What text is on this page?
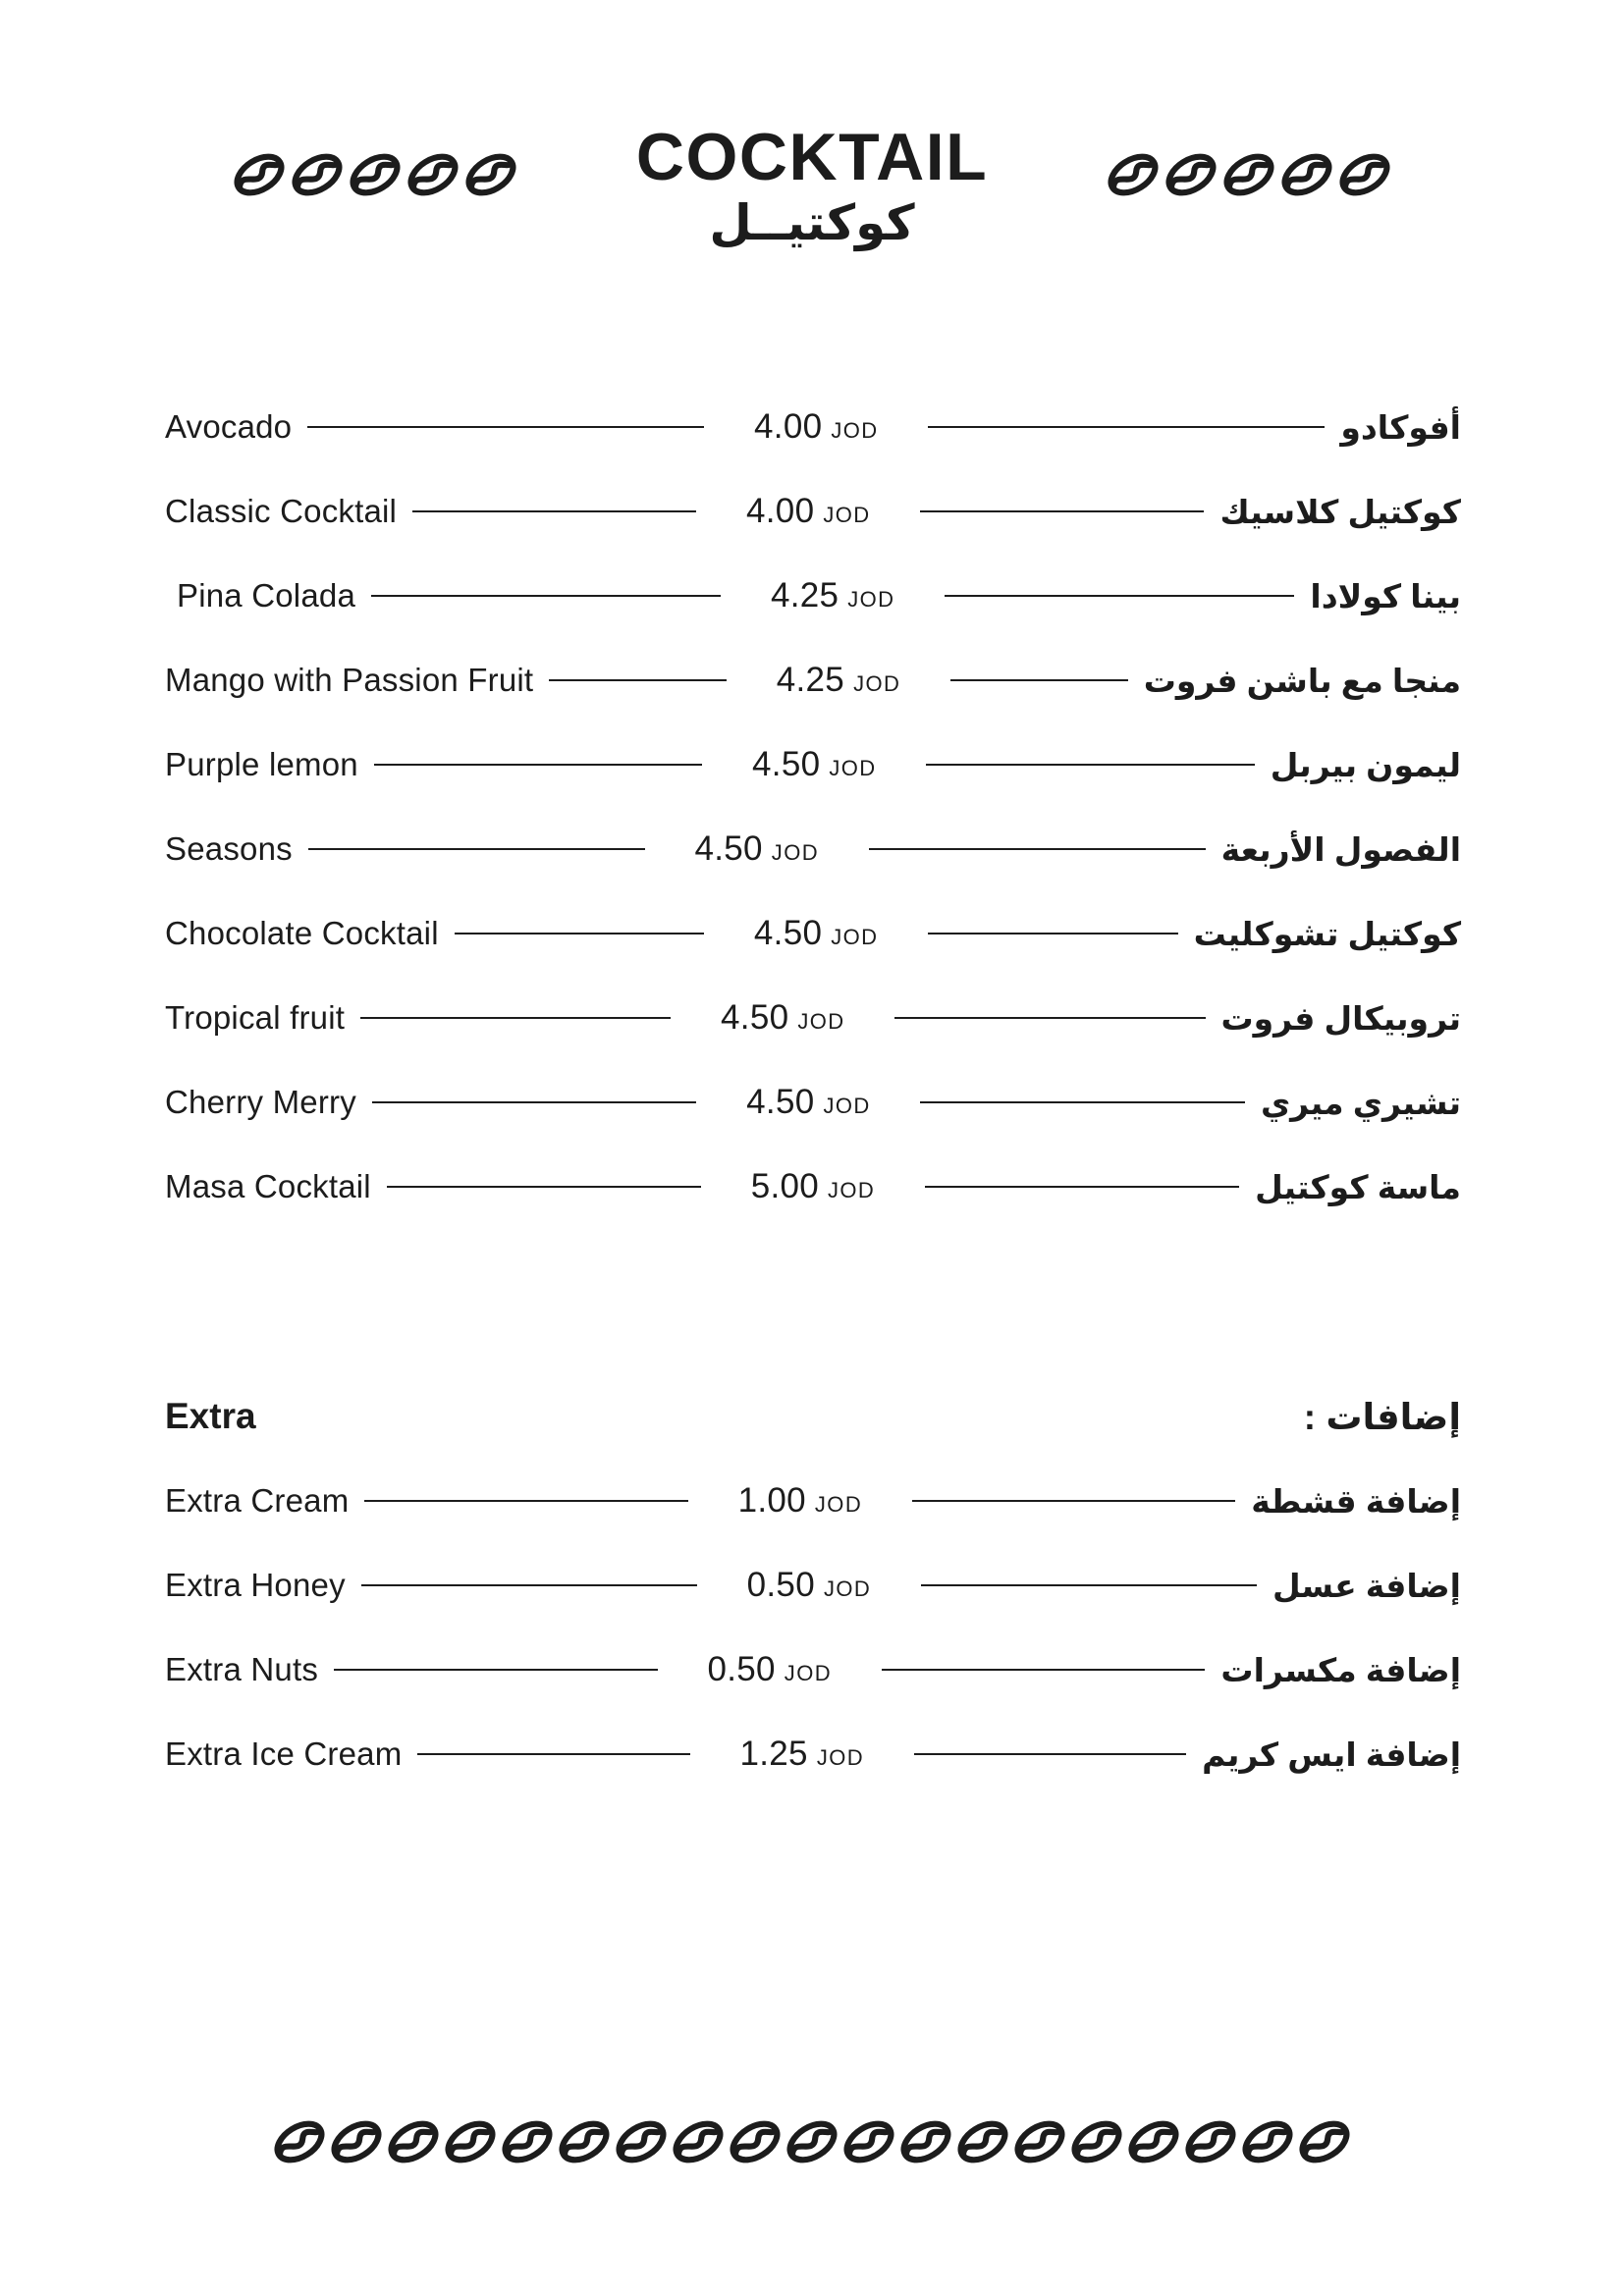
COCKTAIL
كوكتيــل
Avocado	4.00 JOD	أفوكادو
Classic Cocktail	4.00 JOD	كوكتيل كلاسيك
Pina Colada	4.25 JOD	بينا كولادا
Mango with Passion Fruit	4.25 JOD	منجا مع باشن فروت
Purple lemon	4.50 JOD	ليمون بيربل
Seasons	4.50 JOD	الفصول الأربعة
Chocolate Cocktail	4.50 JOD	كوكتيل تشوكليت
Tropical fruit	4.50 JOD	تروبيكال فروت
Cherry Merry	4.50 JOD	تشيري ميري
Masa Cocktail	5.00 JOD	ماسة كوكتيل
Extra	إضافات :
Extra Cream	1.00 JOD	إضافة قشطة
Extra Honey	0.50 JOD	إضافة عسل
Extra Nuts	0.50 JOD	إضافة مكسرات
Extra Ice Cream	1.25 JOD	إضافة ايس كريم
